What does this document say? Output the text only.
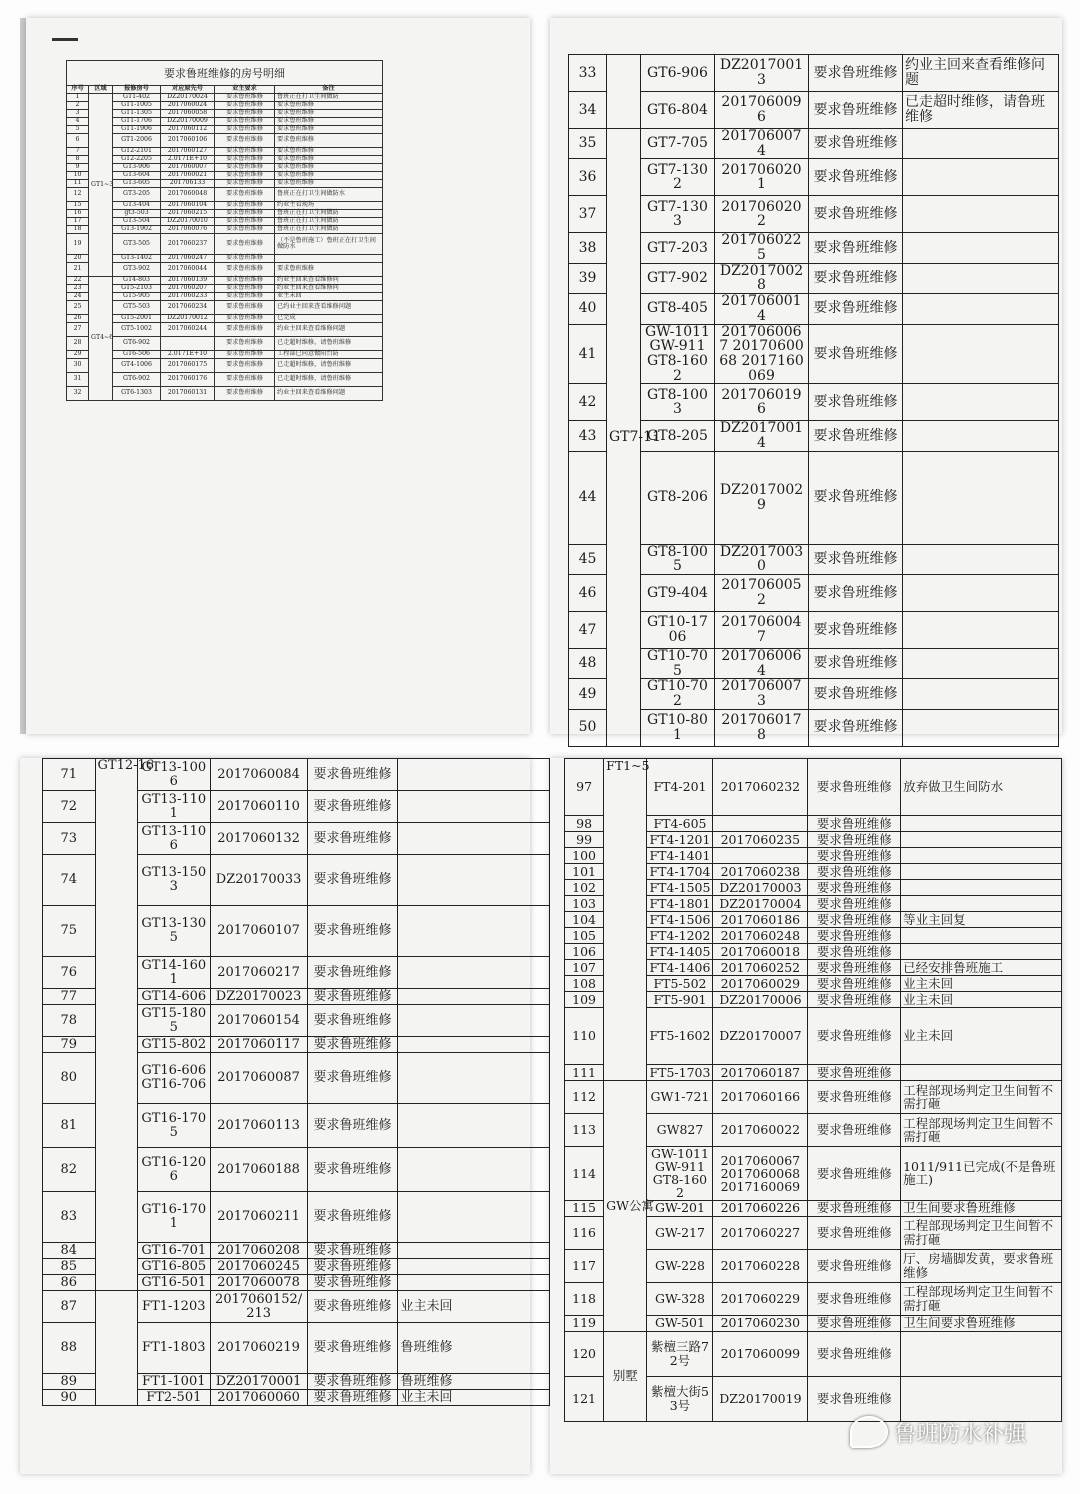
要求鲁班维修的房号明细
序号	区域	报修房号	对应原先号	业主要求	备注
1	GT1~3	GT1-402	DZ20170024	要求鲁班维修	鲁班正在打卫生间做防
2		GT1-1005	2017060024	要求鲁班维修	要求鲁班维修
3		GT1-1305	2017060058	要求鲁班维修	要求鲁班维修
4		GT1-1706	DZ20170009	要求鲁班维修	要求鲁班维修
5		GT1-1906	2017060112	要求鲁班维修	要求鲁班维修
6		GT1-2006	2017060106	要求鲁班维修	要求鲁班维修
7		GT2-2101	2017060127	要求鲁班维修	要求鲁班维修
8		GT2-2205	2.0171E+10	要求鲁班维修	要求鲁班维修
9		GT3-906	2017060007	要求鲁班维修	要求鲁班维修
10		GT3-604	2017060021	要求鲁班维修	要求鲁班维修
11		GT3-605	201706133	要求鲁班维修	要求鲁班维修
12		GT3-205	2017060048	要求鲁班维修	鲁班正在打卫生间做防水
15		GT3-404	2017060104	要求鲁班维修	约业主看现场
16		gt3-503	2017060215	要求鲁班维修	鲁班正在打卫生间做防
17		GT3-504	DZ20170010	要求鲁班维修	鲁班正在打卫生间做防
18		GT3-1902	2017060076	要求鲁班维修	鲁班正在打卫生间做防
19		GT3-505	2017060237	要求鲁班维修	（不是鲁班施工）鲁班正在打卫生间做防水
20		GT3-1402	2017060247	要求鲁班维修	
21		GT3-902	2017060044	要求鲁班维修	要求鲁班维修
22	GT4~6	GT4-803	2017060139	要求鲁班维修	约业主回来查看维修问
23		GT5-2103	2017060207	要求鲁班维修	约业主回来查看维修问
24		GT5-905	2017060233	要求鲁班维修	业主未回
25		GT5-503	2017060234	要求鲁班维修	已约业主回来查看维修问题
26		GT5-2001	DZ20170012	要求鲁班维修	已完成
27		GT5-1002	2017060244	要求鲁班维修	约业主回来查看维修问题
28		GT6-902		要求鲁班维修	已走超时维修，请鲁班维修
29		GT6-506	2.0171E+10	要求鲁班维修	工程部已同意做阳台防
30		GT4-1006	2017060175	要求鲁班维修	已走超时维修，请鲁班维修
31		GT6-902	2017060176	要求鲁班维修	已走超时维修，请鲁班维修
32		GT6-1303	2017060131	要求鲁班维修	约业主回来查看维修问题
33		GT6-906	DZ20170013	要求鲁班维修	约业主回来查看维修问题
34		GT6-804	2017060096	要求鲁班维修	已走超时维修，请鲁班维修
35	GT7-11	GT7-705	2017060074	要求鲁班维修	
36		GT7-1302	2017060201	要求鲁班维修	
37		GT7-1303	2017060202	要求鲁班维修	
38		GT7-203	2017060225	要求鲁班维修	
39		GT7-902	DZ20170028	要求鲁班维修	
40		GT8-405	2017060014	要求鲁班维修	
41		GW-1011 GW-911 GT8-1602	2017060067 2017060068 2017160069	要求鲁班维修	
42		GT8-1003	2017060196	要求鲁班维修	
43		GT8-205	DZ20170014	要求鲁班维修	
44		GT8-206	DZ20170029	要求鲁班维修	
45		GT8-1005	DZ20170030	要求鲁班维修	
46		GT9-404	2017060052	要求鲁班维修	
47		GT10-1706	2017060047	要求鲁班维修	
48		GT10-705	2017060064	要求鲁班维修	
49		GT10-702	2017060073	要求鲁班维修	
50		GT10-801	2017060178	要求鲁班维修	
71	GT12-16	GT13-1006	2017060084	要求鲁班维修	
72		GT13-1101	2017060110	要求鲁班维修	
73		GT13-1106	2017060132	要求鲁班维修	
74		GT13-1503	DZ20170033	要求鲁班维修	
75		GT13-1305	2017060107	要求鲁班维修	
76		GT14-1601	2017060217	要求鲁班维修	
77		GT14-606	DZ20170023	要求鲁班维修	
78		GT15-1805	2017060154	要求鲁班维修	
79		GT15-802	2017060117	要求鲁班维修	
80		GT16-606 GT16-706	2017060087	要求鲁班维修	
81		GT16-1705	2017060113	要求鲁班维修	
82		GT16-1206	2017060188	要求鲁班维修	
83		GT16-1701	2017060211	要求鲁班维修	
84		GT16-701	2017060208	要求鲁班维修	
85		GT16-805	2017060245	要求鲁班维修	
86		GT16-501	2017060078	要求鲁班维修	
87		FT1-1203	2017060152/213	要求鲁班维修	业主未回
88		FT1-1803	2017060219	要求鲁班维修	鲁班维修
89		FT1-1001	DZ20170001	要求鲁班维修	鲁班维修
90		FT2-501	2017060060	要求鲁班维修	业主未回
97	FT1~5	FT4-201	2017060232	要求鲁班维修	放弃做卫生间防水
98		FT4-605		要求鲁班维修	
99		FT4-1201	2017060235	要求鲁班维修	
100		FT4-1401		要求鲁班维修	
101		FT4-1704	2017060238	要求鲁班维修	
102		FT4-1505	DZ20170003	要求鲁班维修	
103		FT4-1801	DZ20170004	要求鲁班维修	
104		FT4-1506	2017060186	要求鲁班维修	等业主回复
105		FT4-1202	2017060248	要求鲁班维修	
106		FT4-1405	2017060018	要求鲁班维修	
107		FT4-1406	2017060252	要求鲁班维修	已经安排鲁班施工
108		FT5-502	2017060029	要求鲁班维修	业主未回
109		FT5-901	DZ20170006	要求鲁班维修	业主未回
110		FT5-1602	DZ20170007	要求鲁班维修	业主未回
111		FT5-1703	2017060187	要求鲁班维修	
112	GW公寓	GW1-721	2017060166	要求鲁班维修	工程部现场判定卫生间暂不需打砸
113		GW827	2017060022	要求鲁班维修	工程部现场判定卫生间暂不需打砸
114		GW-1011 GW-911 GT8-1602	2017060067 2017060068 2017160069	要求鲁班维修	1011/911已完成(不是鲁班施工)
115		GW-201	2017060226	要求鲁班维修	卫生间要求鲁班维修
116		GW-217	2017060227	要求鲁班维修	工程部现场判定卫生间暂不需打砸
117		GW-228	2017060228	要求鲁班维修	厅、房墙脚发黄，要求鲁班维修
118		GW-328	2017060229	要求鲁班维修	工程部现场判定卫生间暂不需打砸
119		GW-501	2017060230	要求鲁班维修	卫生间要求鲁班维修
120	别墅	紫檀三路72号	2017060099	要求鲁班维修	
121		紫檀大街53号	DZ20170019	要求鲁班维修	
鲁班防水补强
